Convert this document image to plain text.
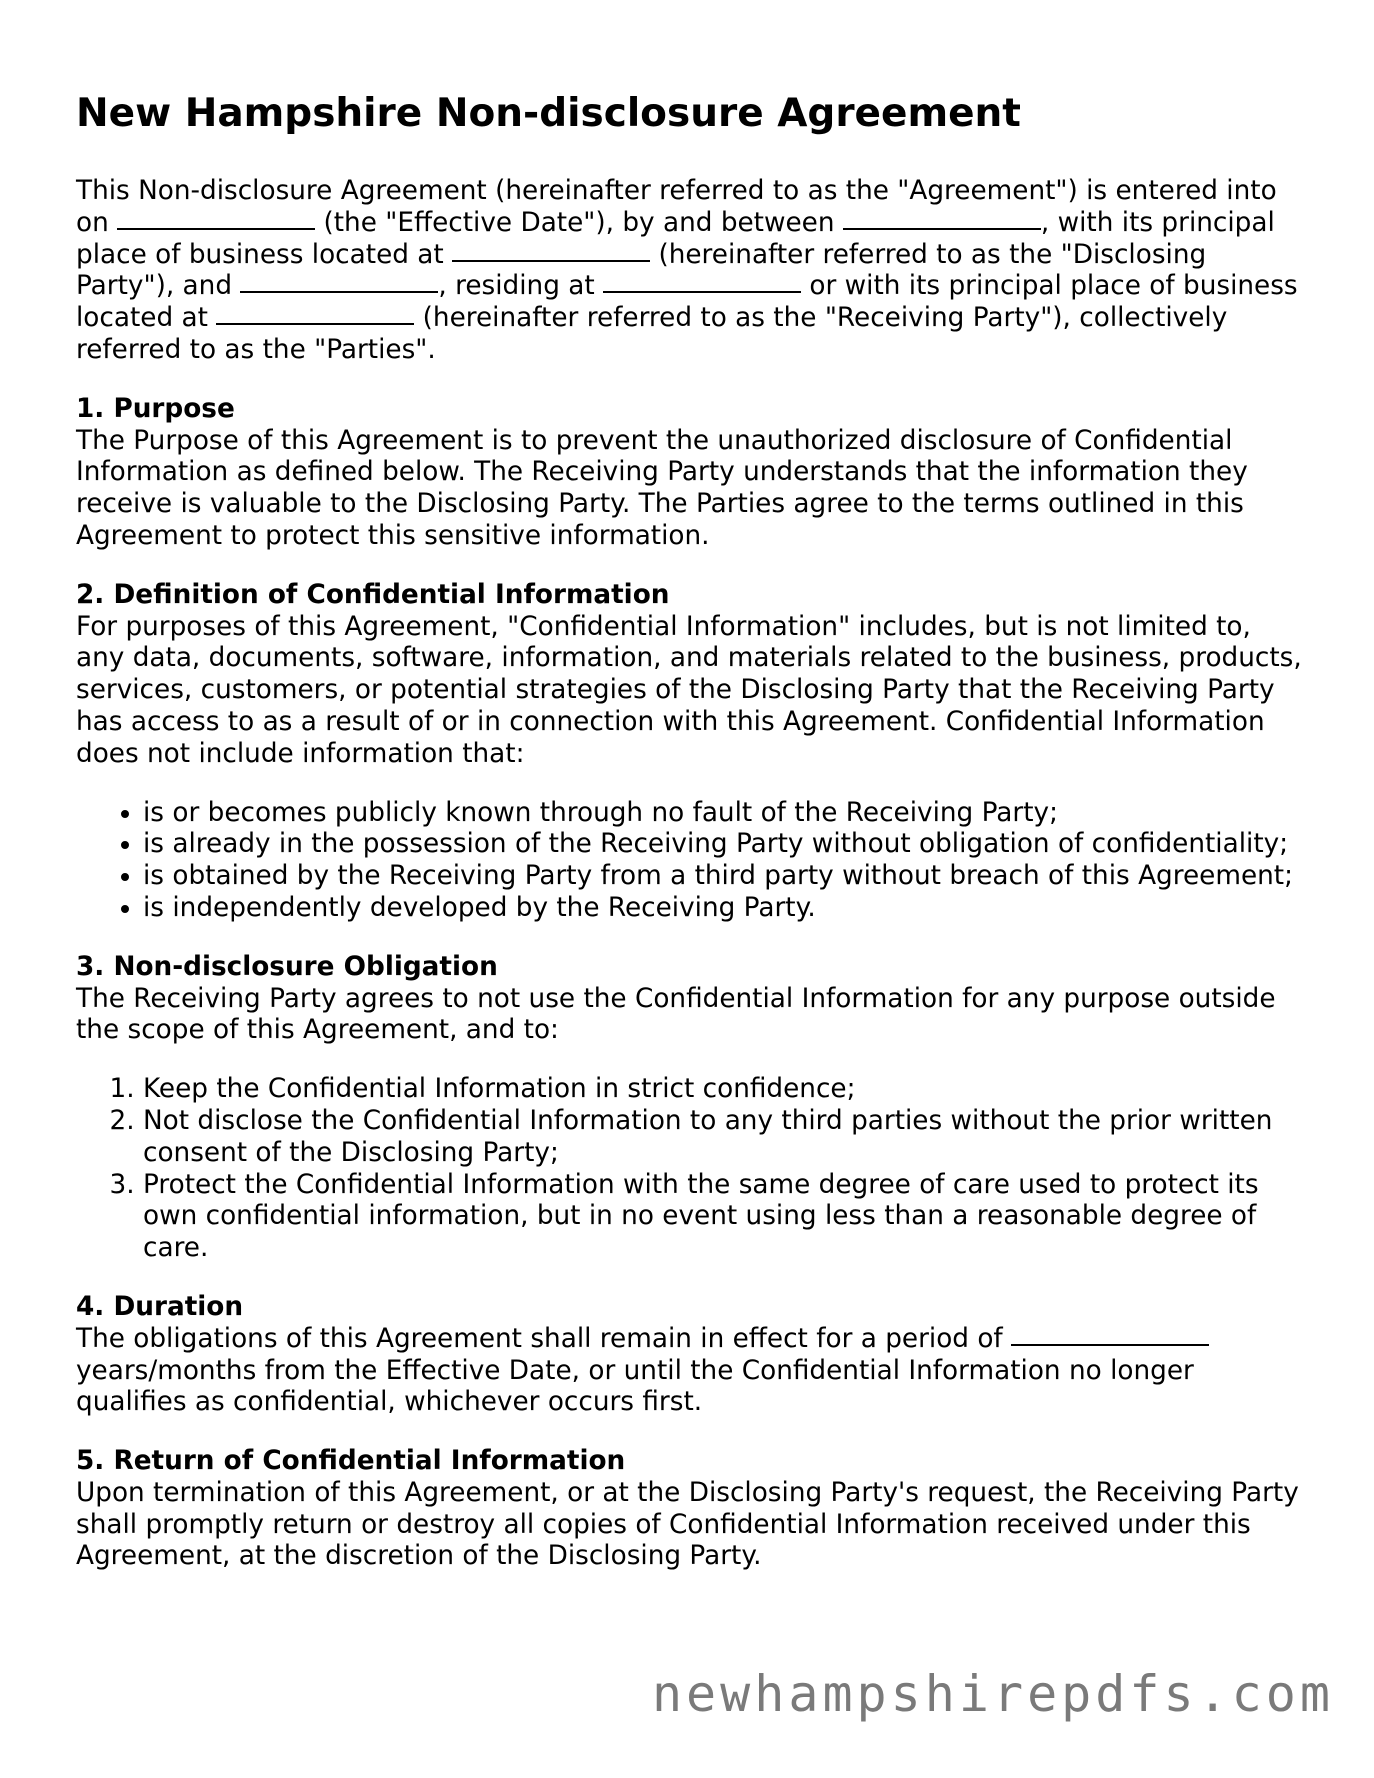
New Hampshire Non-disclosure Agreement

This Non-disclosure Agreement (hereinafter referred to as the "Agreement") is entered into on	(the "Effective Date"), by and between	, with its principal place of business located at	(hereinafter referred to as the "Disclosing Party"), and	, residing at	or with its principal place of business located at	(hereinafter referred to as the "Receiving Party"), collectively referred to as the "Parties".

1. Purpose

The Purpose of this Agreement is to prevent the unauthorized disclosure of Confidential Information as defined below. The Receiving Party understands that the information they receive is valuable to the Disclosing Party. The Parties agree to the terms outlined in this Agreement to protect this sensitive information.

2. Definition of Confidential Information

For purposes of this Agreement, "Confidential Information" includes, but is not limited to, any data, documents, software, information, and materials related to the business, products, services, customers, or potential strategies of the Disclosing Party that the Receiving Party has access to as a result of or in connection with this Agreement. Confidential Information does not include information that:

• is or becomes publicly known through no fault of the Receiving Party;
• is already in the possession of the Receiving Party without obligation of confidentiality;
• is obtained by the Receiving Party from a third party without breach of this Agreement;
• is independently developed by the Receiving Party.

3. Non-disclosure Obligation

The Receiving Party agrees to not use the Confidential Information for any purpose outside the scope of this Agreement, and to:

1. Keep the Confidential Information in strict confidence;
2. Not disclose the Confidential Information to any third parties without the prior written consent of the Disclosing Party;
3. Protect the Confidential Information with the same degree of care used to protect its own confidential information, but in no event using less than a reasonable degree of care.

4. Duration

The obligations of this Agreement shall remain in effect for a period of  years/months from the Effective Date, or until the Confidential Information no longer qualifies as confidential, whichever occurs first.

5. Return of Confidential Information

Upon termination of this Agreement, or at the Disclosing Party's request, the Receiving Party shall promptly return or destroy all copies of Confidential Information received under this Agreement, at the discretion of the Disclosing Party.

newhampshirepdfs.com
